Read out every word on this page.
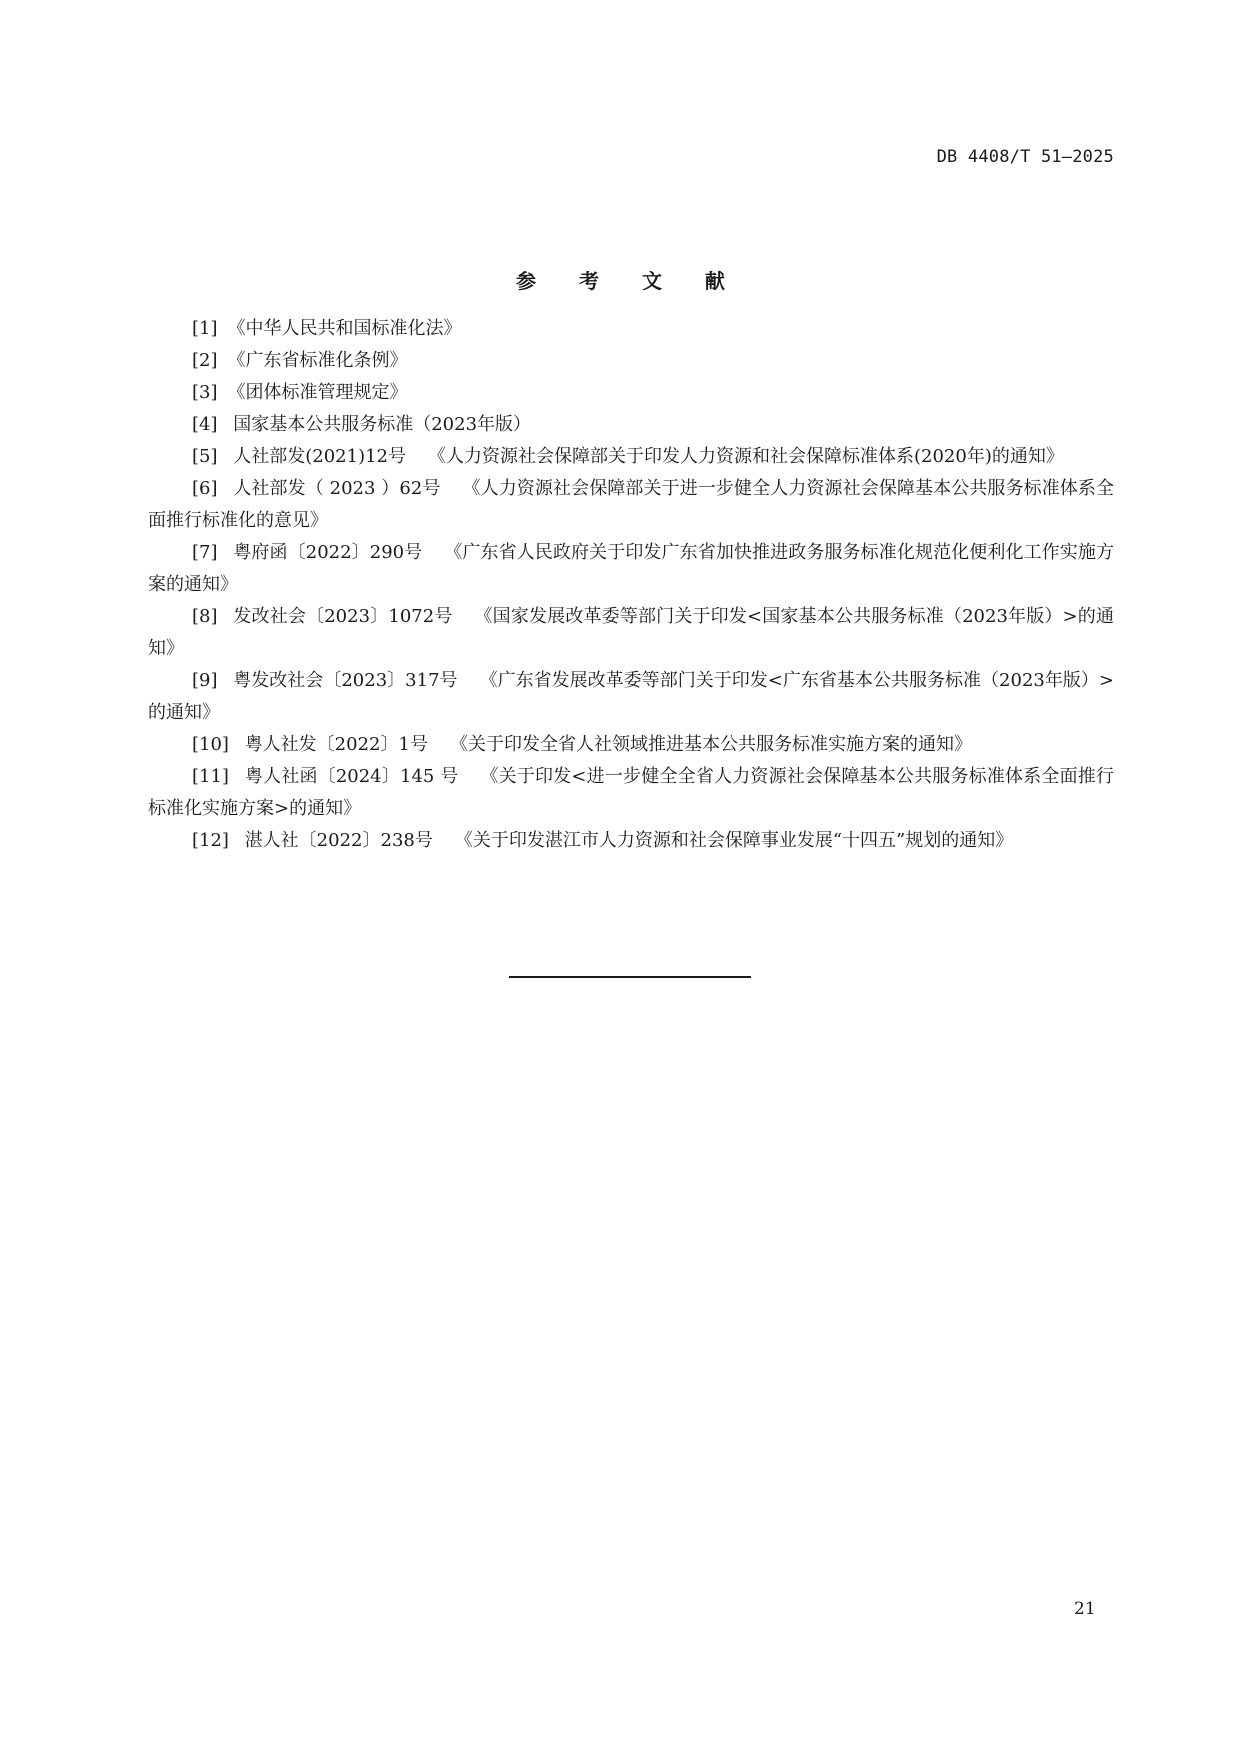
DB 4408/T 51—2025
参 考 文 献
[1] 《中华人民共和国标准化法》
[2] 《广东省标准化条例》
[3] 《团体标准管理规定》
[4] 国家基本公共服务标准（2023年版）
[5] 人社部发(2021)12号 《人力资源社会保障部关于印发人力资源和社会保障标准体系(2020年)的通知》
[6] 人社部发（ 2023 ）62号 《人力资源社会保障部关于进一步健全人力资源社会保障基本公共服务标准体系全面推行标准化的意见》
[7] 粤府函〔2022〕290号 《广东省人民政府关于印发广东省加快推进政务服务标准化规范化便利化工作实施方案的通知》
[8] 发改社会〔2023〕1072号 《国家发展改革委等部门关于印发<国家基本公共服务标准（2023年版）>的通知》
[9] 粤发改社会〔2023〕317号 《广东省发展改革委等部门关于印发<广东省基本公共服务标准（2023年版）>的通知》
[10] 粤人社发〔2022〕1号 《关于印发全省人社领域推进基本公共服务标准实施方案的通知》
[11] 粤人社函〔2024〕145 号 《关于印发<进一步健全全省人力资源社会保障基本公共服务标准体系全面推行标准化实施方案>的通知》
[12] 湛人社〔2022〕238号 《关于印发湛江市人力资源和社会保障事业发展“十四五”规划的通知》
21
